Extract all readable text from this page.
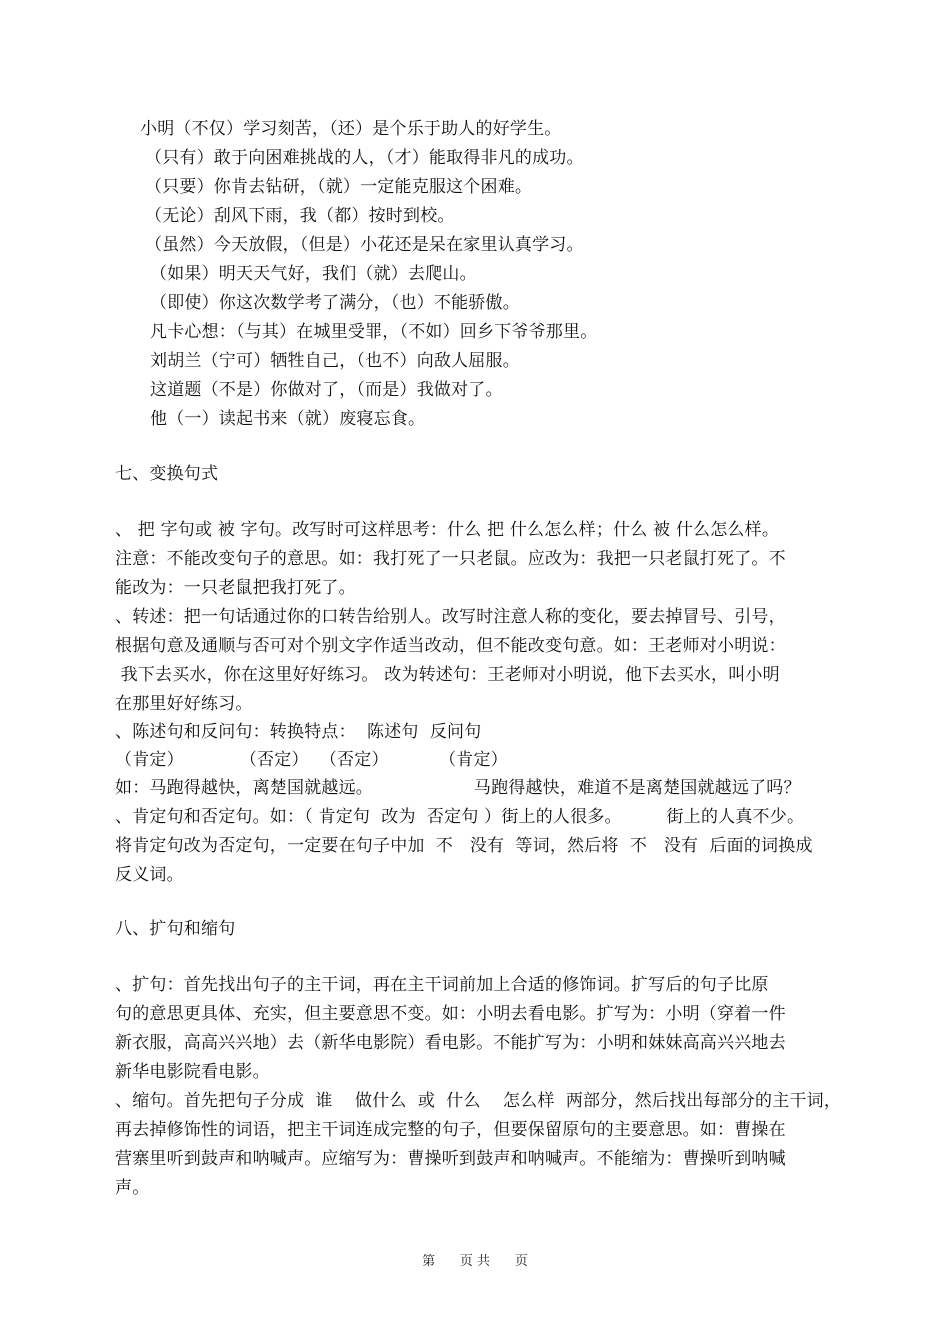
小明（不仅）学习刻苦，（还）是个乐于助人的好学生。
（只有）敢于向困难挑战的人，（才）能取得非凡的成功。
（只要）你肯去钻研，（就）一定能克服这个困难。
（无论）刮风下雨，我（都）按时到校。
（虽然）今天放假，（但是）小花还是呆在家里认真学习。
（如果）明天天气好，我们（就）去爬山。
（即使）你这次数学考了满分，（也）不能骄傲。
凡卡心想：（与其）在城里受罪，（不如）回乡下爷爷那里。
刘胡兰（宁可）牺牲自己，（也不）向敌人屈服。
这道题（不是）你做对了，（而是）我做对了。
他（一）读起书来（就）废寝忘食。
七、变换句式
、 把 字句或 被 字句。改写时可这样思考：什么 把 什么怎么样；什么 被 什么怎么样。
注意：不能改变句子的意思。如：我打死了一只老鼠。应改为：我把一只老鼠打死了。不
能改为：一只老鼠把我打死了。
、转述：把一句话通过你的口转告给别人。改写时注意人称的变化，要去掉冒号、引号，
根据句意及通顺与否可对个别文字作适当改动，但不能改变句意。如：王老师对小明说：
我下去买水，你在这里好好练习。 改为转述句：王老师对小明说，他下去买水，叫小明
在那里好好练习。
、陈述句和反问句：转换特点：  陈述句  反问句
（肯定）          （否定）  （否定）         （肯定）
如：马跑得越快，离楚国就越远。                  马跑得越快，难道不是离楚国就越远了吗？
、肯定句和否定句。如：（ 肯定句  改为  否定句 ）街上的人很多。        街上的人真不少。
将肯定句改为否定句，一定要在句子中加  不   没有  等词，然后将  不   没有  后面的词换成
反义词。
八、扩句和缩句
、扩句：首先找出句子的主干词，再在主干词前加上合适的修饰词。扩写后的句子比原
句的意思更具体、充实，但主要意思不变。如：小明去看电影。扩写为：小明（穿着一件
新衣服，高高兴兴地）去（新华电影院）看电影。不能扩写为：小明和妹妹高高兴兴地去
新华电影院看电影。
、缩句。首先把句子分成  谁    做什么  或  什么    怎么样  两部分，然后找出每部分的主干词，
再去掉修饰性的词语，把主干词连成完整的句子，但要保留原句的主要意思。如：曹操在
营寨里听到鼓声和呐喊声。应缩写为：曹操听到鼓声和呐喊声。不能缩为：曹操听到呐喊
声。
第      页 共      页
